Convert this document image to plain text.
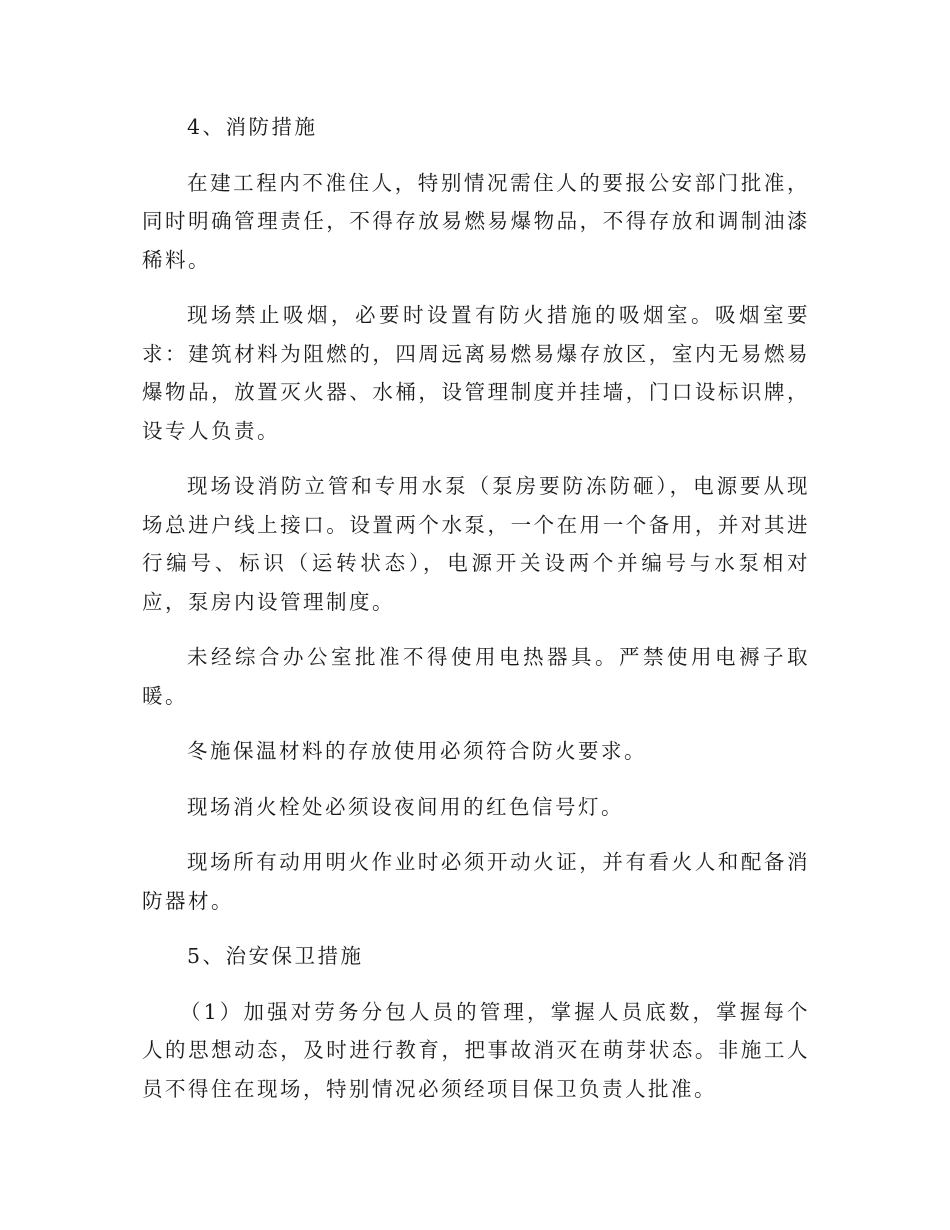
4、消防措施

在建工程内不准住人，特别情况需住人的要报公安部门批准，同时明确管理责任，不得存放易燃易爆物品，不得存放和调制油漆稀料。

现场禁止吸烟，必要时设置有防火措施的吸烟室。吸烟室要求：建筑材料为阻燃的，四周远离易燃易爆存放区，室内无易燃易爆物品，放置灭火器、水桶，设管理制度并挂墙，门口设标识牌，设专人负责。

现场设消防立管和专用水泵（泵房要防冻防砸），电源要从现场总进户线上接口。设置两个水泵，一个在用一个备用，并对其进行编号、标识（运转状态），电源开关设两个并编号与水泵相对应，泵房内设管理制度。

未经综合办公室批准不得使用电热器具。严禁使用电褥子取暖。

冬施保温材料的存放使用必须符合防火要求。

现场消火栓处必须设夜间用的红色信号灯。

现场所有动用明火作业时必须开动火证，并有看火人和配备消防器材。

5、治安保卫措施

（1）加强对劳务分包人员的管理，掌握人员底数，掌握每个人的思想动态，及时进行教育，把事故消灭在萌芽状态。非施工人员不得住在现场，特别情况必须经项目保卫负责人批准。
